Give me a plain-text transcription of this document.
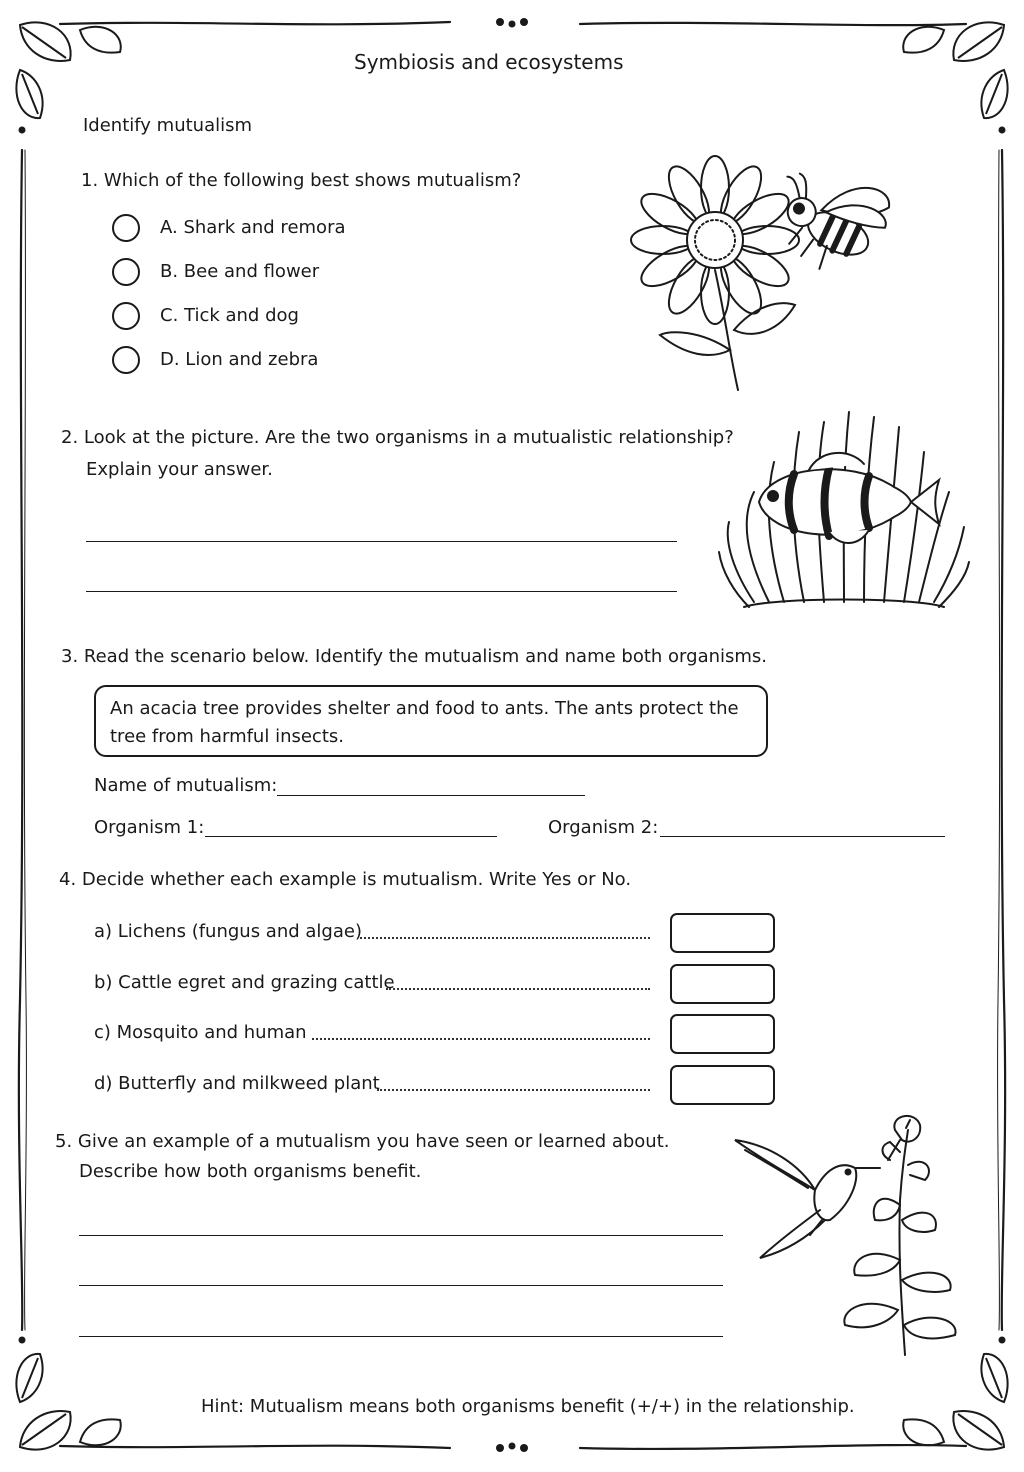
Symbiosis and ecosystems
Identify mutualism
1. Which of the following best shows mutualism?
A. Shark and remora
B. Bee and flower
C. Tick and dog
D. Lion and zebra
2. Look at the picture. Are the two organisms in a mutualistic relationship?
Explain your answer.
3. Read the scenario below. Identify the mutualism and name both organisms.
An acacia tree provides shelter and food to ants. The ants protect the tree from harmful insects.
Name of mutualism:
Organism 1:	Organism 2:
4. Decide whether each example is mutualism. Write Yes or No.
a) Lichens (fungus and algae)
b) Cattle egret and grazing cattle
c) Mosquito and human
d) Butterfly and milkweed plant
5. Give an example of a mutualism you have seen or learned about.
Describe how both organisms benefit.
Hint: Mutualism means both organisms benefit (+/+) in the relationship.
